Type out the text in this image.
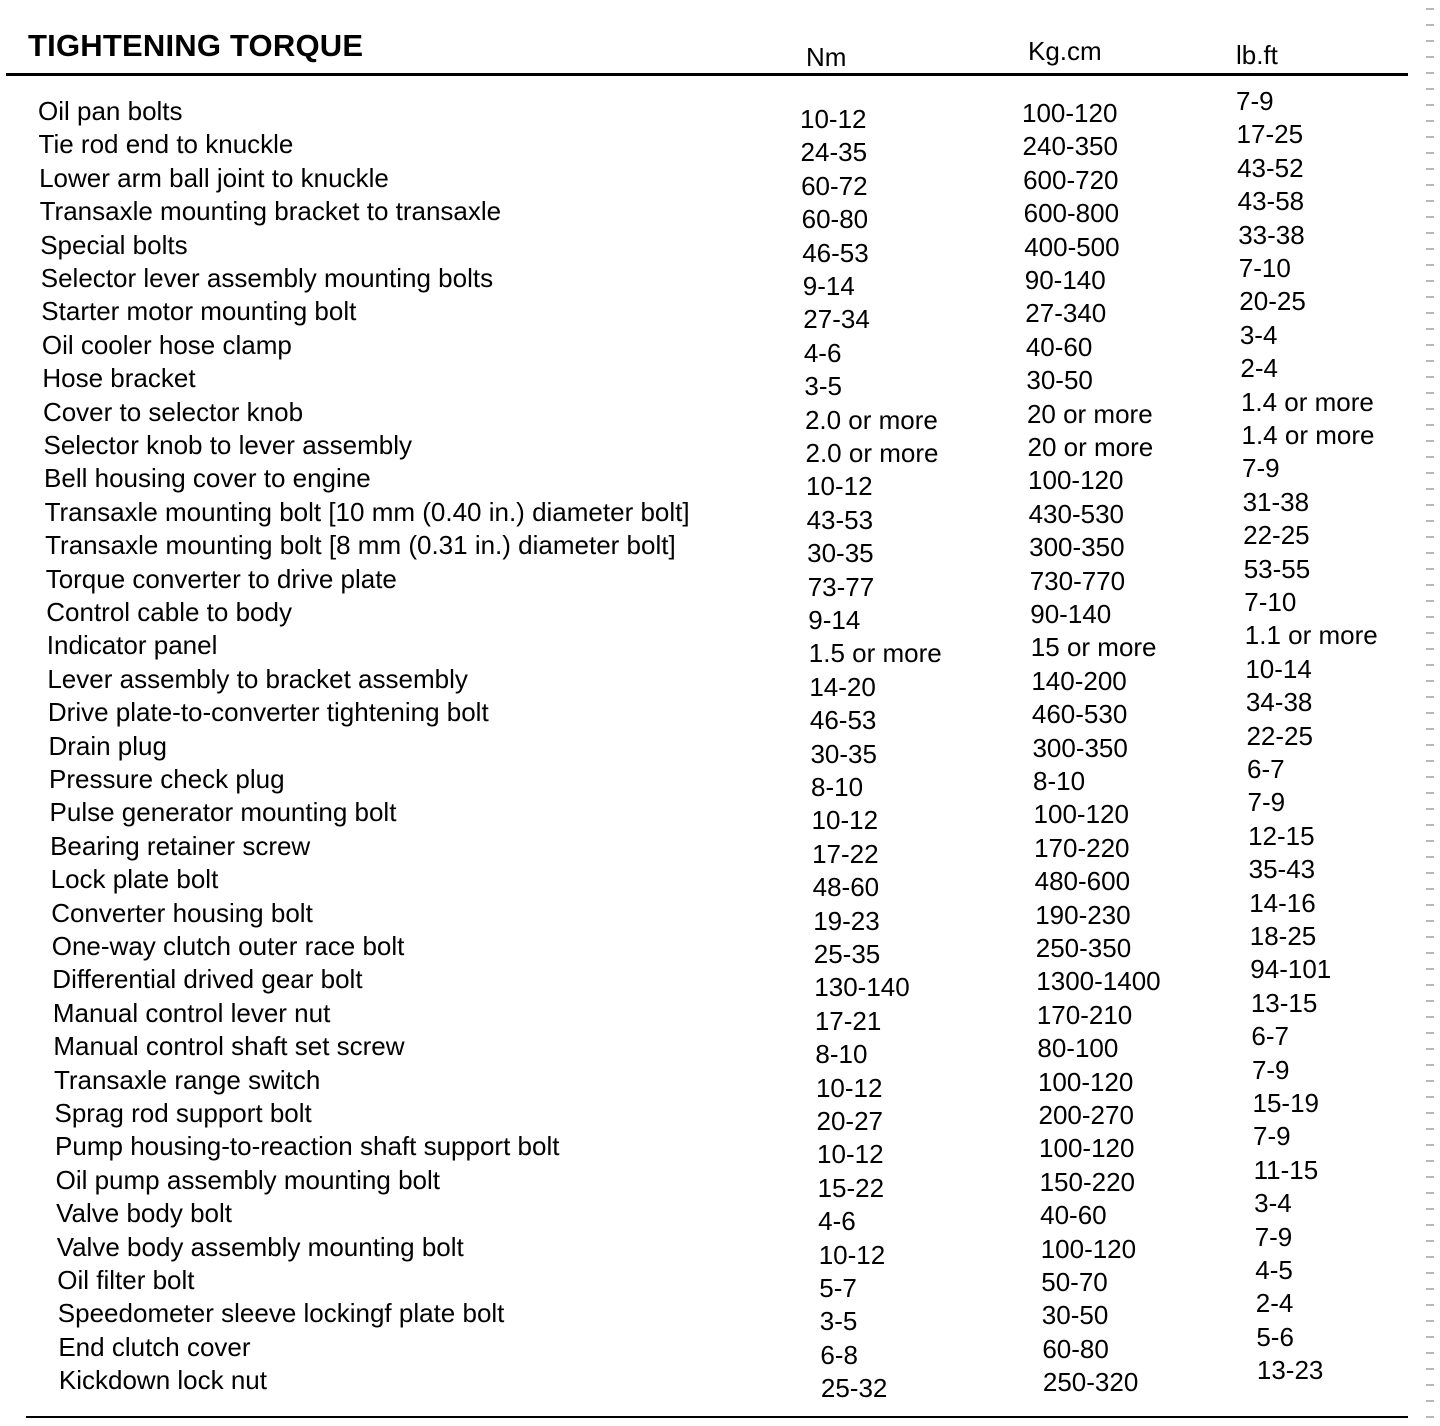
TIGHTENING TORQUE	Nm	Kg.cm	lb.ft
Oil pan bolts	10-12	100-120	7-9
Tie rod end to knuckle	24-35	240-350	17-25
Lower arm ball joint to knuckle	60-72	600-720	43-52
Transaxle mounting bracket to transaxle	60-80	600-800	43-58
Special bolts	46-53	400-500	33-38
Selector lever assembly mounting bolts	9-14	90-140	7-10
Starter motor mounting bolt	27-34	27-340	20-25
Oil cooler hose clamp	4-6	40-60	3-4
Hose bracket	3-5	30-50	2-4
Cover to selector knob	2.0 or more	20 or more	1.4 or more
Selector knob to lever assembly	2.0 or more	20 or more	1.4 or more
Bell housing cover to engine	10-12	100-120	7-9
Transaxle mounting bolt [10 mm (0.40 in.) diameter bolt]	43-53	430-530	31-38
Transaxle mounting bolt [8 mm (0.31 in.) diameter bolt]	30-35	300-350	22-25
Torque converter to drive plate	73-77	730-770	53-55
Control cable to body	9-14	90-140	7-10
Indicator panel	1.5 or more	15 or more	1.1 or more
Lever assembly to bracket assembly	14-20	140-200	10-14
Drive plate-to-converter tightening bolt	46-53	460-530	34-38
Drain plug	30-35	300-350	22-25
Pressure check plug	8-10	8-10	6-7
Pulse generator mounting bolt	10-12	100-120	7-9
Bearing retainer screw	17-22	170-220	12-15
Lock plate bolt	48-60	480-600	35-43
Converter housing bolt	19-23	190-230	14-16
One-way clutch outer race bolt	25-35	250-350	18-25
Differential drived gear bolt	130-140	1300-1400	94-101
Manual control lever nut	17-21	170-210	13-15
Manual control shaft set screw	8-10	80-100	6-7
Transaxle range switch	10-12	100-120	7-9
Sprag rod support bolt	20-27	200-270	15-19
Pump housing-to-reaction shaft support bolt	10-12	100-120	7-9
Oil pump assembly mounting bolt	15-22	150-220	11-15
Valve body bolt	4-6	40-60	3-4
Valve body assembly mounting bolt	10-12	100-120	7-9
Oil filter bolt	5-7	50-70	4-5
Speedometer sleeve lockingf plate bolt	3-5	30-50	2-4
End clutch cover	6-8	60-80	5-6
Kickdown lock nut	25-32	250-320	13-23
